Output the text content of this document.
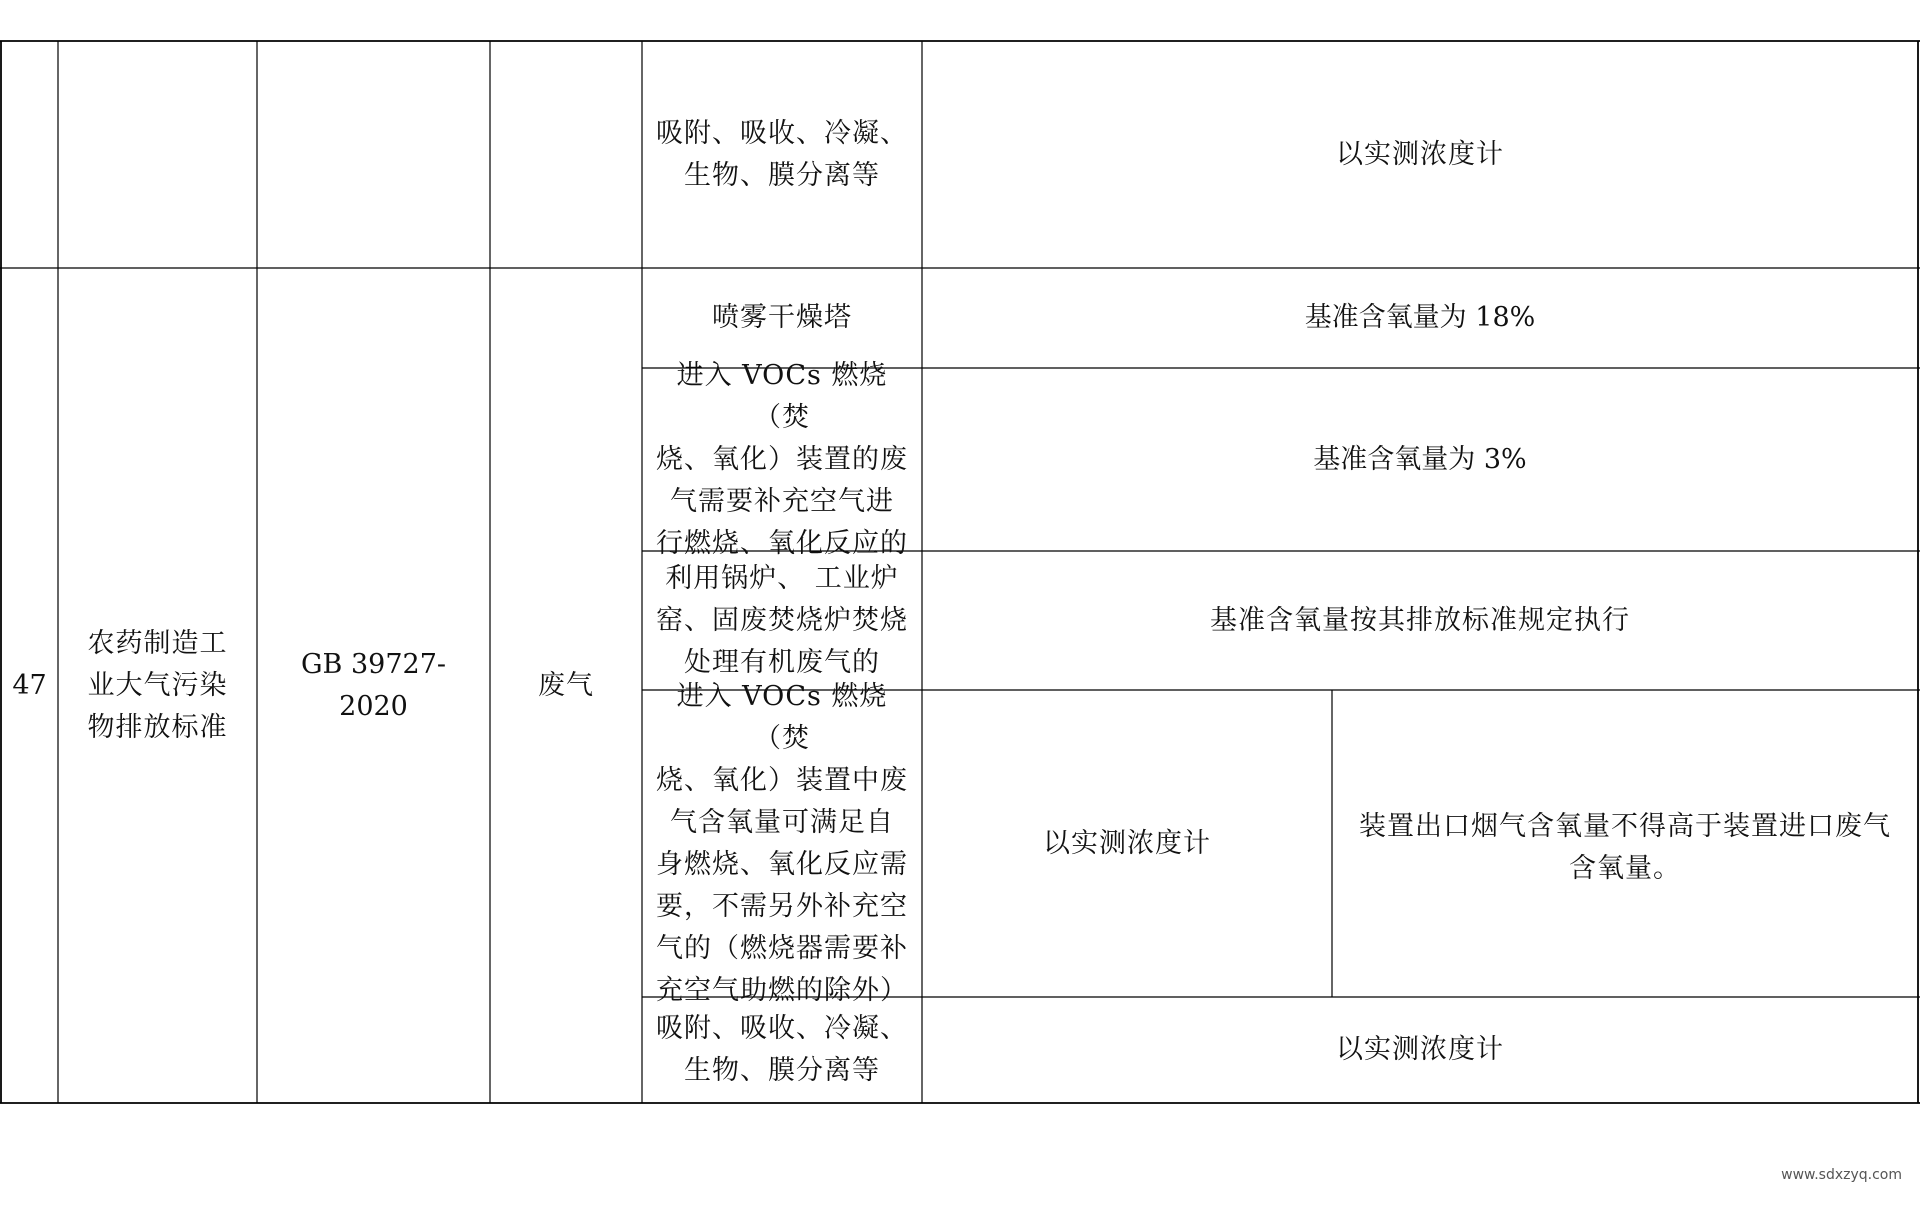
吸附、吸收、冷凝、
生物、膜分离等
以实测浓度计
47
农药制造工
业大气污染
物排放标准
GB 39727-2020
废气
喷雾干燥塔	基准含氧量为 18%
进入 VOCs 燃烧（焚
烧、氧化）装置的废
气需要补充空气进
行燃烧、氧化反应的
基准含氧量为 3%
利用锅炉、 工业炉
窑、固废焚烧炉焚烧
处理有机废气的
基准含氧量按其排放标准规定执行
进入 VOCs 燃烧（焚
烧、氧化）装置中废
气含氧量可满足自
身燃烧、氧化反应需
要，不需另外补充空
气的（燃烧器需要补
充空气助燃的除外）
以实测浓度计
装置出口烟气含氧量不得高于装置进口废气
含氧量。
吸附、吸收、冷凝、
生物、膜分离等
以实测浓度计
www.sdxzyq.com
